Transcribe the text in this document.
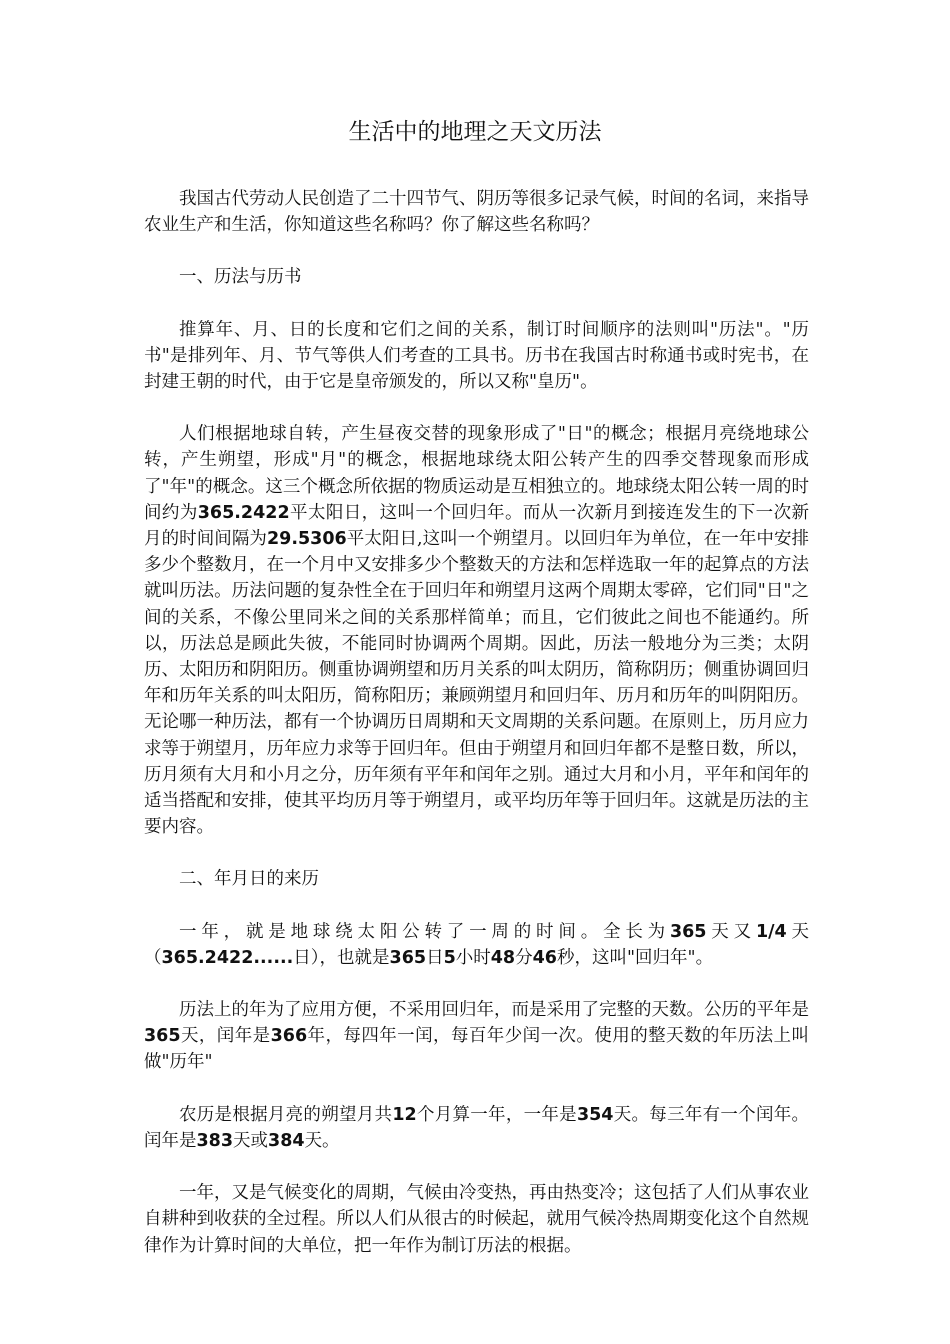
生活中的地理之天文历法

我国古代劳动人民创造了二十四节气、阴历等很多记录气候，时间的名词，来指导农业生产和生活，你知道这些名称吗？你了解这些名称吗？

一、历法与历书

推算年、月、日的长度和它们之间的关系，制订时间顺序的法则叫"历法"。"历书"是排列年、月、节气等供人们考查的工具书。历书在我国古时称通书或时宪书，在封建王朝的时代，由于它是皇帝颁发的，所以又称"皇历"。

人们根据地球自转，产生昼夜交替的现象形成了"日"的概念；根据月亮绕地球公转，产生朔望，形成"月"的概念，根据地球绕太阳公转产生的四季交替现象而形成了"年"的概念。这三个概念所依据的物质运动是互相独立的。地球绕太阳公转一周的时间约为365.2422平太阳日，这叫一个回归年。而从一次新月到接连发生的下一次新月的时间间隔为29.5306平太阳日,这叫一个朔望月。以回归年为单位，在一年中安排多少个整数月，在一个月中又安排多少个整数天的方法和怎样选取一年的起算点的方法就叫历法。历法问题的复杂性全在于回归年和朔望月这两个周期太零碎，它们同"日"之间的关系，不像公里同米之间的关系那样简单；而且，它们彼此之间也不能通约。所以，历法总是顾此失彼，不能同时协调两个周期。因此，历法一般地分为三类；太阴历、太阳历和阴阳历。侧重协调朔望和历月关系的叫太阴历，简称阴历；侧重协调回归年和历年关系的叫太阳历，简称阳历；兼顾朔望月和回归年、历月和历年的叫阴阳历。无论哪一种历法，都有一个协调历日周期和天文周期的关系问题。在原则上，历月应力求等于朔望月，历年应力求等于回归年。但由于朔望月和回归年都不是整日数，所以，历月须有大月和小月之分，历年须有平年和闰年之别。通过大月和小月，平年和闰年的适当搭配和安排，使其平均历月等于朔望月，或平均历年等于回归年。这就是历法的主要内容。

二、年月日的来历

一年，就是地球绕太阳公转了一周的时间。全长为365天又1/4天（365.2422......日），也就是365日5小时48分46秒，这叫"回归年"。

历法上的年为了应用方便，不采用回归年，而是采用了完整的天数。公历的平年是365天，闰年是366年，每四年一闰，每百年少闰一次。使用的整天数的年历法上叫做"历年"

农历是根据月亮的朔望月共12个月算一年，一年是354天。每三年有一个闰年。闰年是383天或384天。

一年，又是气候变化的周期，气候由冷变热，再由热变冷；这包括了人们从事农业自耕种到收获的全过程。所以人们从很古的时候起，就用气候冷热周期变化这个自然规律作为计算时间的大单位，把一年作为制订历法的根据。
